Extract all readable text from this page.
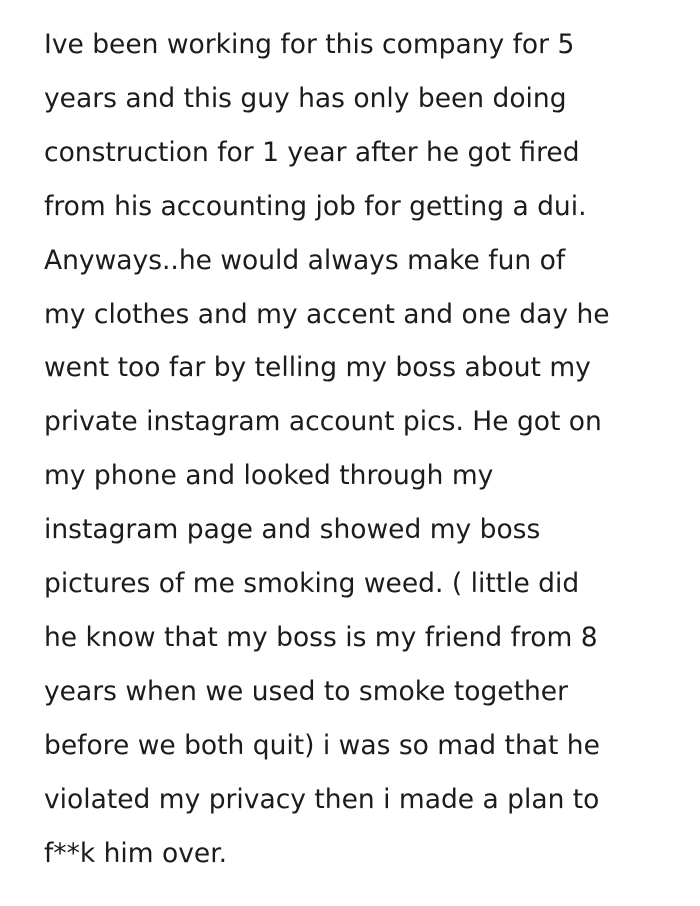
Ive been working for this company for 5
years and this guy has only been doing
construction for 1 year after he got fired
from his accounting job for getting a dui.
Anyways..he would always make fun of
my clothes and my accent and one day he
went too far by telling my boss about my
private instagram account pics. He got on
my phone and looked through my
instagram page and showed my boss
pictures of me smoking weed. ( little did
he know that my boss is my friend from 8
years when we used to smoke together
before we both quit) i was so mad that he
violated my privacy then i made a plan to
f**k him over.
